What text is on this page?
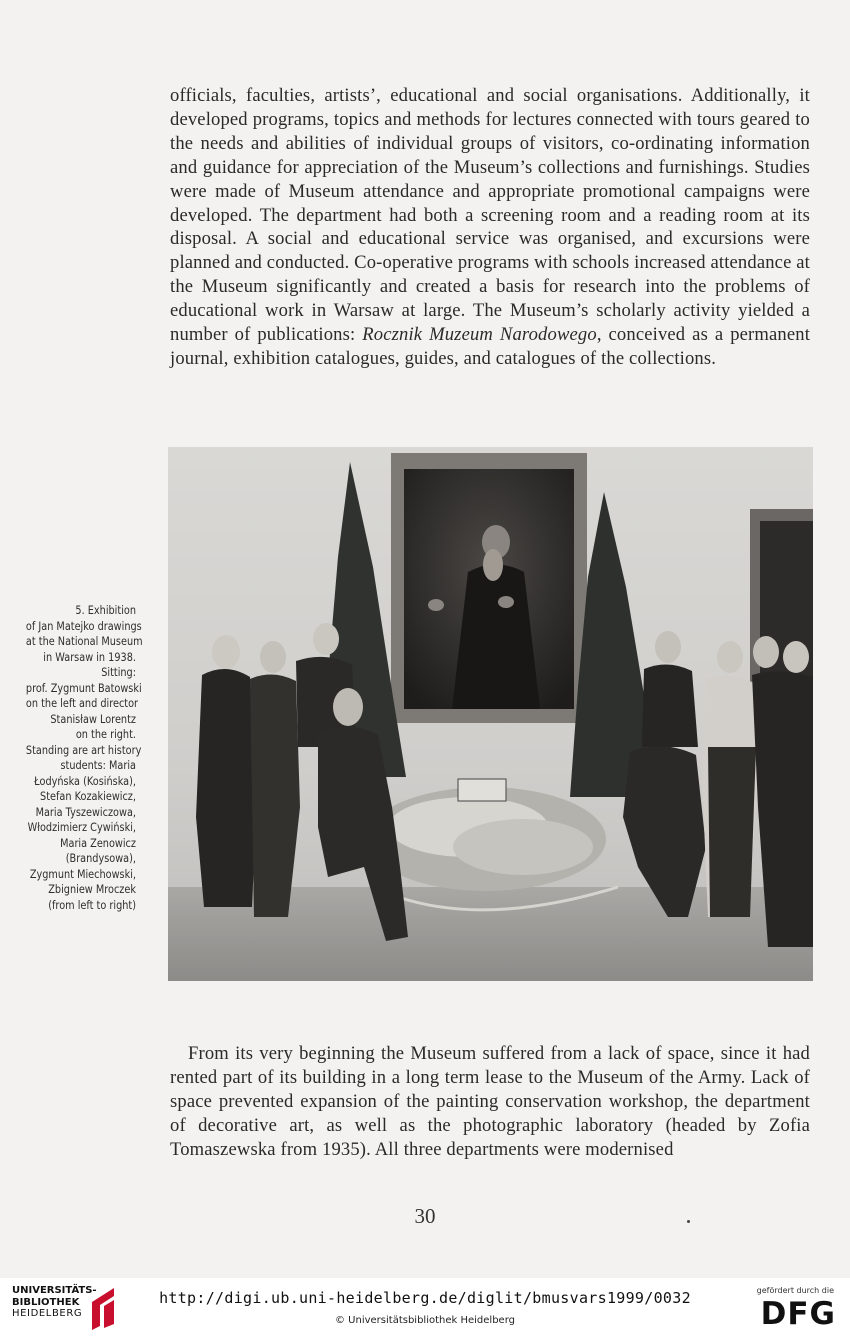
officials, faculties, artists’, educational and social organisations. Additionally, it developed programs, topics and methods for lectures connected with tours geared to the needs and abilities of individual groups of visitors, co-ordinating information and guidance for appreciation of the Museum’s collections and furnishings. Studies were made of Museum attendance and appropriate promotional campaigns were developed. The department had both a screening room and a reading room at its disposal. A social and educational service was organised, and excursions were planned and conducted. Co-operative programs with schools increased attendance at the Museum significantly and created a basis for research into the problems of educational work in Warsaw at large. The Museum’s scholarly activity yielded a number of publications: Rocznik Muzeum Narodowego, conceived as a permanent journal, exhibition catalogues, guides, and catalogues of the collections.

5. Exhibition
of Jan Matejko drawings
at the National Museum
in Warsaw in 1938.
Sitting:
prof. Zygmunt Batowski
on the left and director
Stanisław Lorentz
on the right.
Standing are art history
students: Maria
Łodyńska (Kosińska),
Stefan Kozakiewicz,
Maria Tyszewiczowa,
Włodzimierz Cywiński,
Maria Zenowicz
(Brandysowa),
Zygmunt Miechowski,
Zbigniew Mroczek
(from left to right)

From its very beginning the Museum suffered from a lack of space, since it had rented part of its building in a long term lease to the Museum of the Army. Lack of space prevented expansion of the painting conservation workshop, the department of decorative art, as well as the photographic laboratory (headed by Zofia Tomaszewska from 1935). All three departments were modernised

30
UNIVERSITÄTS-
BIBLIOTHEK
HEIDELBERG
http://digi.ub.uni-heidelberg.de/diglit/bmusvars1999/0032
© Universitätsbibliothek Heidelberg
gefördert durch die
DFG
